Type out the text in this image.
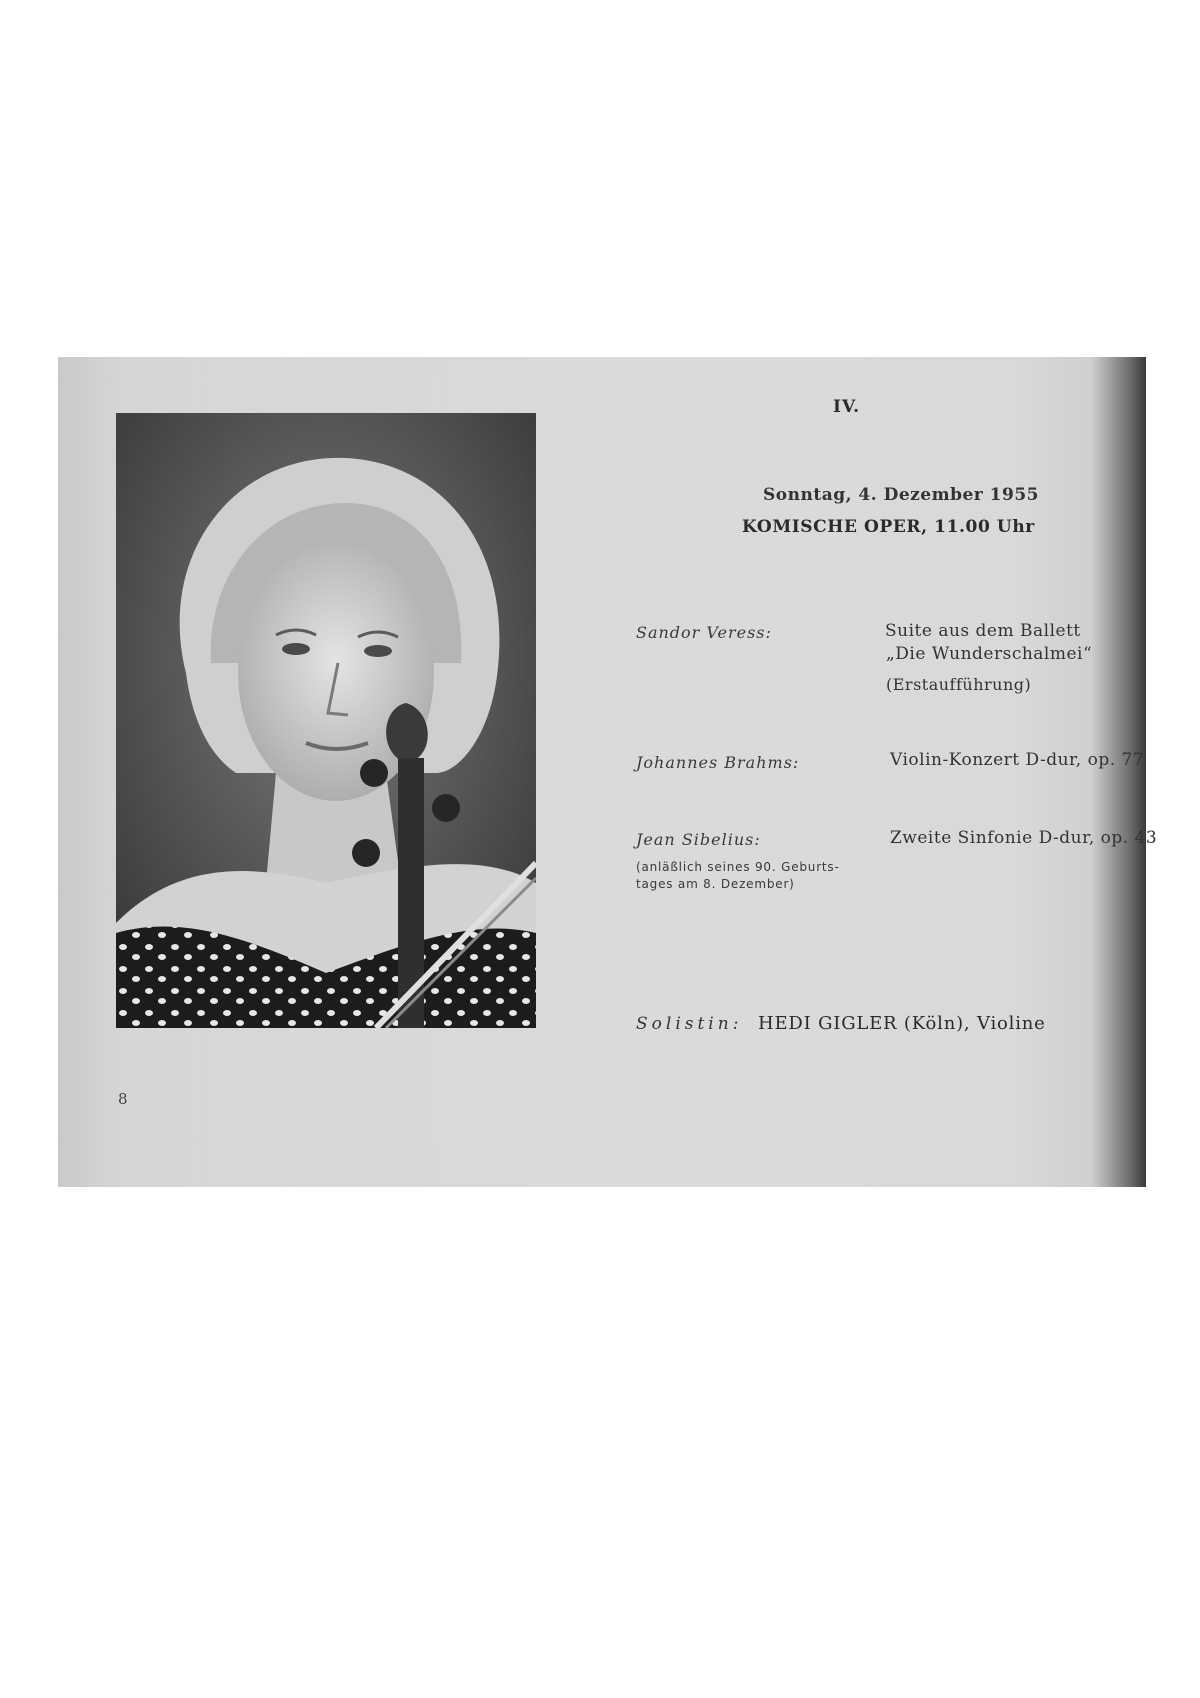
IV.
Sonntag, 4. Dezember 1955
KOMISCHE OPER, 11.00 Uhr
Sandor Veress:	Suite aus dem Ballett
„Die Wunderschalmei“
(Erstaufführung)
Johannes Brahms:	Violin-Konzert D-dur, op. 77
Jean Sibelius:
(anläßlich seines 90. Geburts-
tages am 8. Dezember)
Zweite Sinfonie D-dur, op. 43
Solistin: HEDI GIGLER (Köln), Violine
8
